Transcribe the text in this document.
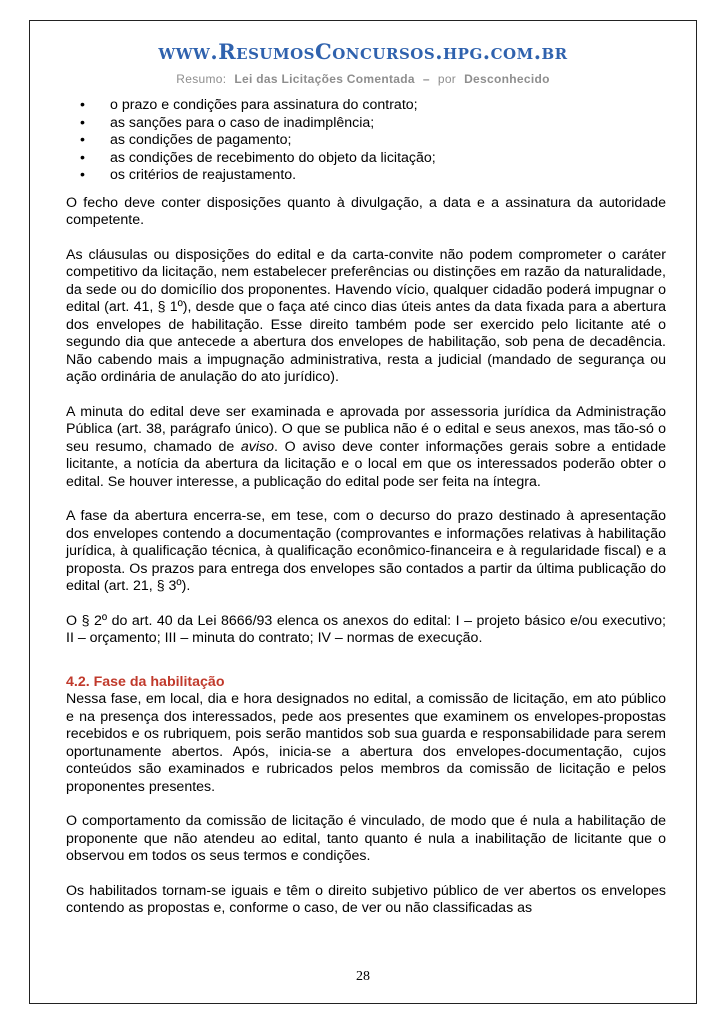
www.ResumosConcursos.hpg.com.br
Resumo: Lei das Licitações Comentada – por Desconhecido
• o prazo e condições para assinatura do contrato;
• as sanções para o caso de inadimplência;
• as condições de pagamento;
• as condições de recebimento do objeto da licitação;
• os critérios de reajustamento.

O fecho deve conter disposições quanto à divulgação, a data e a assinatura da autoridade competente.

As cláusulas ou disposições do edital e da carta-convite não podem comprometer o caráter competitivo da licitação, nem estabelecer preferências ou distinções em razão da naturalidade, da sede ou do domicílio dos proponentes. Havendo vício, qualquer cidadão poderá impugnar o edital (art. 41, § 1º), desde que o faça até cinco dias úteis antes da data fixada para a abertura dos envelopes de habilitação. Esse direito também pode ser exercido pelo licitante até o segundo dia que antecede a abertura dos envelopes de habilitação, sob pena de decadência. Não cabendo mais a impugnação administrativa, resta a judicial (mandado de segurança ou ação ordinária de anulação do ato jurídico).

A minuta do edital deve ser examinada e aprovada por assessoria jurídica da Administração Pública (art. 38, parágrafo único). O que se publica não é o edital e seus anexos, mas tão-só o seu resumo, chamado de aviso. O aviso deve conter informações gerais sobre a entidade licitante, a notícia da abertura da licitação e o local em que os interessados poderão obter o edital. Se houver interesse, a publicação do edital pode ser feita na íntegra.

A fase da abertura encerra-se, em tese, com o decurso do prazo destinado à apresentação dos envelopes contendo a documentação (comprovantes e informações relativas à habilitação jurídica, à qualificação técnica, à qualificação econômico-financeira e à regularidade fiscal) e a proposta. Os prazos para entrega dos envelopes são contados a partir da última publicação do edital (art. 21, § 3º).

O § 2º do art. 40 da Lei 8666/93 elenca os anexos do edital: I – projeto básico e/ou executivo; II – orçamento; III – minuta do contrato; IV – normas de execução.

4.2. Fase da habilitação

Nessa fase, em local, dia e hora designados no edital, a comissão de licitação, em ato público e na presença dos interessados, pede aos presentes que examinem os envelopes-propostas recebidos e os rubriquem, pois serão mantidos sob sua guarda e responsabilidade para serem oportunamente abertos. Após, inicia-se a abertura dos envelopes-documentação, cujos conteúdos são examinados e rubricados pelos membros da comissão de licitação e pelos proponentes presentes.

O comportamento da comissão de licitação é vinculado, de modo que é nula a habilitação de proponente que não atendeu ao edital, tanto quanto é nula a inabilitação de licitante que o observou em todos os seus termos e condições.

Os habilitados tornam-se iguais e têm o direito subjetivo público de ver abertos os envelopes contendo as propostas e, conforme o caso, de ver ou não classificadas as

28
